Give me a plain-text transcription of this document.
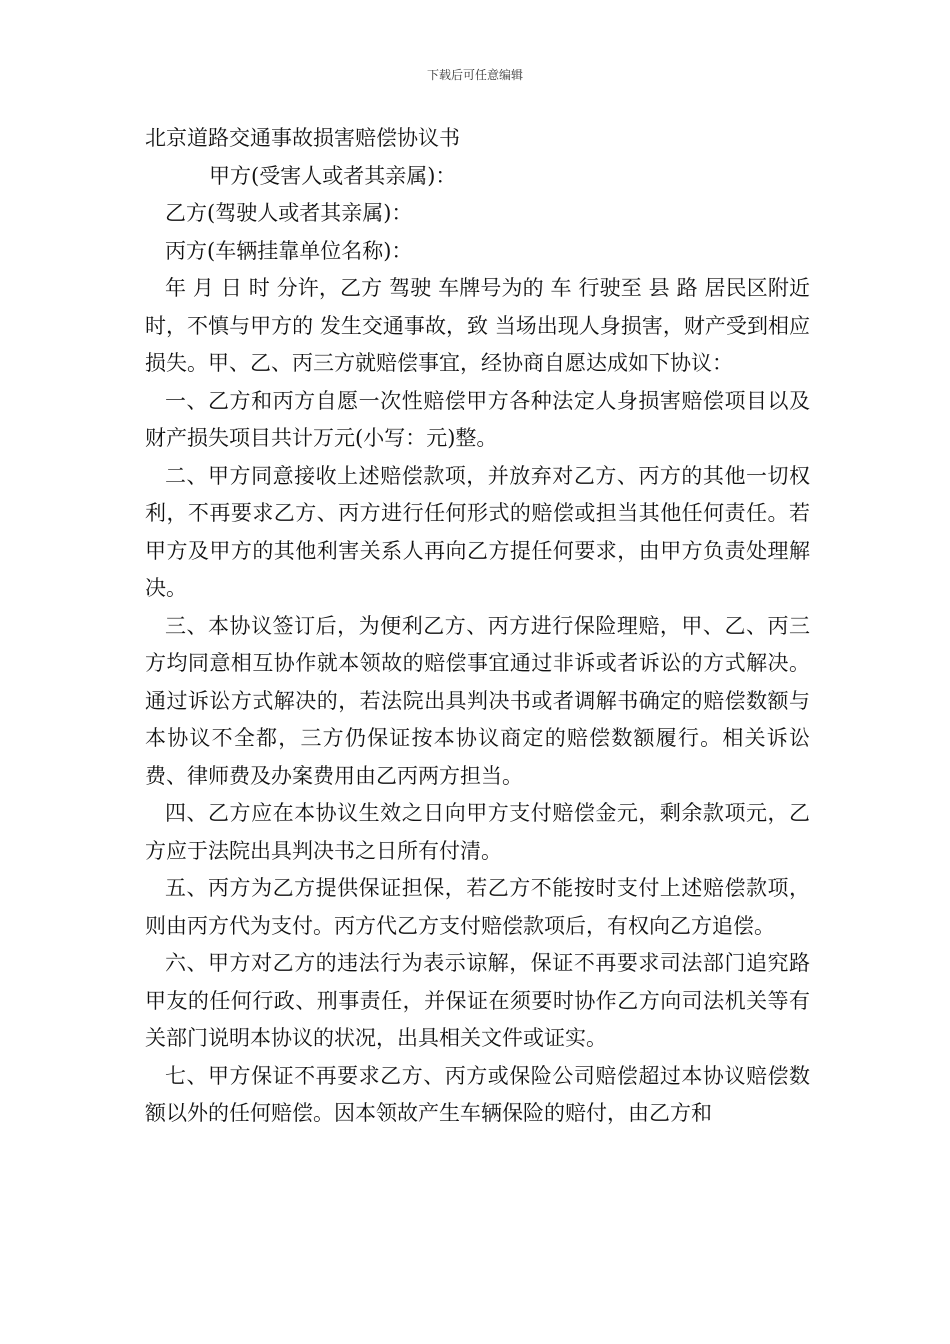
下载后可任意编辑
北京道路交通事故损害赔偿协议书
甲方(受害人或者其亲属)：
乙方(驾驶人或者其亲属)：
丙方(车辆挂靠单位名称)：

年 月 日 时 分许，乙方 驾驶 车牌号为的 车 行驶至 县 路 居民区附近时，不慎与甲方的 发生交通事故，致 当场出现人身损害，财产受到相应损失。甲、乙、丙三方就赔偿事宜，经协商自愿达成如下协议：

一、乙方和丙方自愿一次性赔偿甲方各种法定人身损害赔偿项目以及财产损失项目共计万元(小写：元)整。

二、甲方同意接收上述赔偿款项，并放弃对乙方、丙方的其他一切权利，不再要求乙方、丙方进行任何形式的赔偿或担当其他任何责任。若甲方及甲方的其他利害关系人再向乙方提任何要求，由甲方负责处理解决。

三、本协议签订后，为便利乙方、丙方进行保险理赔，甲、乙、丙三方均同意相互协作就本领故的赔偿事宜通过非诉或者诉讼的方式解决。通过诉讼方式解决的，若法院出具判决书或者调解书确定的赔偿数额与本协议不全都，三方仍保证按本协议商定的赔偿数额履行。相关诉讼费、律师费及办案费用由乙丙两方担当。

四、乙方应在本协议生效之日向甲方支付赔偿金元，剩余款项元，乙方应于法院出具判决书之日所有付清。

五、丙方为乙方提供保证担保，若乙方不能按时支付上述赔偿款项，则由丙方代为支付。丙方代乙方支付赔偿款项后，有权向乙方追偿。

六、甲方对乙方的违法行为表示谅解，保证不再要求司法部门追究路甲友的任何行政、刑事责任，并保证在须要时协作乙方向司法机关等有关部门说明本协议的状况，出具相关文件或证实。

七、甲方保证不再要求乙方、丙方或保险公司赔偿超过本协议赔偿数额以外的任何赔偿。因本领故产生车辆保险的赔付，由乙方和
